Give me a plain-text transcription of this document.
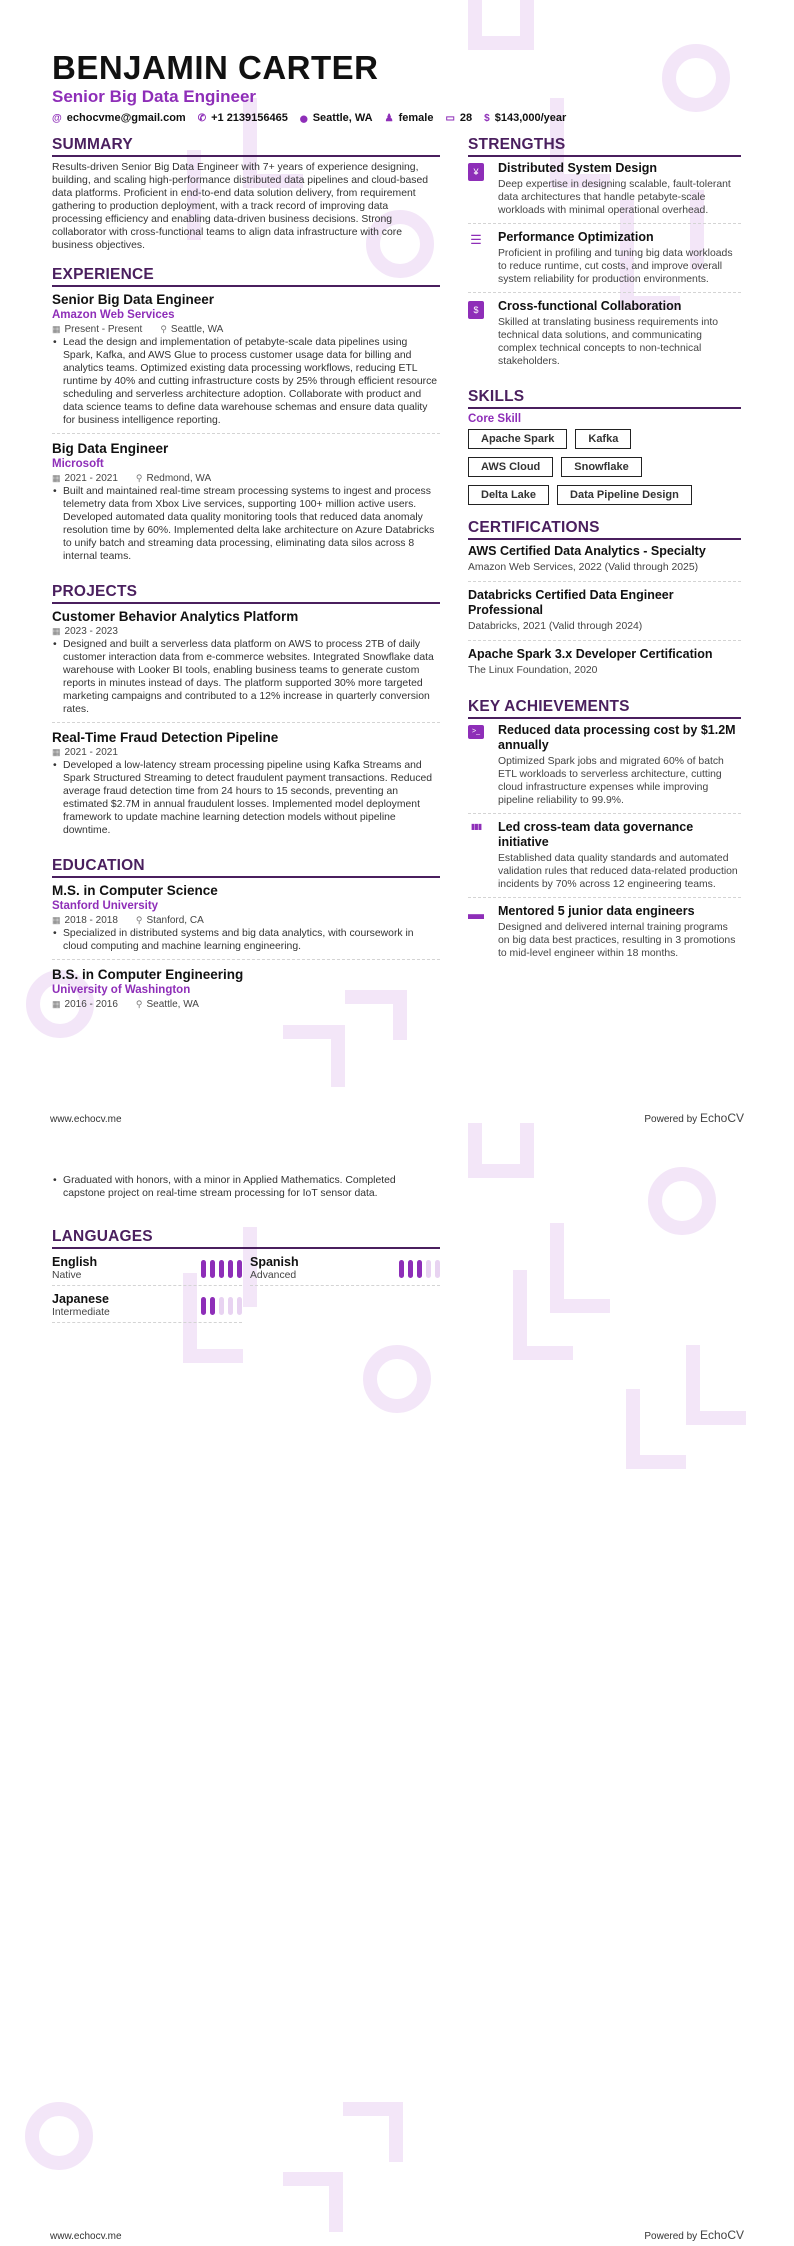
BENJAMIN CARTER
Senior Big Data Engineer
@ echocvme@gmail.com ✆ +1 2139156465 ⬤ Seattle, WA ♟ female ▭ 28 $ $143,000/year
SUMMARY
Results-driven Senior Big Data Engineer with 7+ years of experience designing, building, and scaling high-performance distributed data pipelines and cloud-based data platforms. Proficient in end-to-end data solution delivery, from requirement gathering to production deployment, with a track record of improving data processing efficiency and enabling data-driven business decisions. Strong collaborator with cross-functional teams to align data infrastructure with core business objectives.
EXPERIENCE
Senior Big Data Engineer
Amazon Web Services
▦ Present - Present ⚲ Seattle, WA
• Lead the design and implementation of petabyte-scale data pipelines using Spark, Kafka, and AWS Glue to process customer usage data for billing and analytics teams. Optimized existing data processing workflows, reducing ETL runtime by 40% and cutting infrastructure costs by 25% through efficient resource scheduling and serverless architecture adoption. Collaborate with product and data science teams to define data warehouse schemas and ensure data quality for business intelligence reporting.
Big Data Engineer
Microsoft
▦ 2021 - 2021 ⚲ Redmond, WA
• Built and maintained real-time stream processing systems to ingest and process telemetry data from Xbox Live services, supporting 100+ million active users. Developed automated data quality monitoring tools that reduced data anomaly resolution time by 60%. Implemented delta lake architecture on Azure Databricks to unify batch and streaming data processing, eliminating data silos across 8 internal teams.
PROJECTS
Customer Behavior Analytics Platform
▦ 2023 - 2023
• Designed and built a serverless data platform on AWS to process 2TB of daily customer interaction data from e-commerce websites. Integrated Snowflake data warehouse with Looker BI tools, enabling business teams to generate custom reports in minutes instead of days. The platform supported 30% more targeted marketing campaigns and contributed to a 12% increase in quarterly conversion rates.
Real-Time Fraud Detection Pipeline
▦ 2021 - 2021
• Developed a low-latency stream processing pipeline using Kafka Streams and Spark Structured Streaming to detect fraudulent payment transactions. Reduced average fraud detection time from 24 hours to 15 seconds, preventing an estimated $2.7M in annual fraudulent losses. Implemented model deployment framework to update machine learning detection models without pipeline downtime.
EDUCATION
M.S. in Computer Science
Stanford University
▦ 2018 - 2018 ⚲ Stanford, CA
• Specialized in distributed systems and big data analytics, with coursework in cloud computing and machine learning engineering.
B.S. in Computer Engineering
University of Washington
▦ 2016 - 2016 ⚲ Seattle, WA
STRENGTHS
¥	Distributed System Design
Deep expertise in designing scalable, fault-tolerant data architectures that handle petabyte-scale workloads with minimal operational overhead.
☰ Performance Optimization
Proficient in profiling and tuning big data workloads to reduce runtime, cut costs, and improve overall system reliability for production environments.
$	Cross-functional Collaboration
Skilled at translating business requirements into technical data solutions, and communicating complex technical concepts to non-technical stakeholders.
SKILLS
Core Skill
Apache Spark	Kafka
AWS Cloud	Snowflake
Delta Lake	Data Pipeline Design
CERTIFICATIONS
AWS Certified Data Analytics - Specialty
Amazon Web Services, 2022 (Valid through 2025)
Databricks Certified Data Engineer Professional
Databricks, 2021 (Valid through 2024)
Apache Spark 3.x Developer Certification
The Linux Foundation, 2020
KEY ACHIEVEMENTS
>_	Reduced data processing cost by $1.2M annually
Optimized Spark jobs and migrated 60% of batch ETL workloads to serverless architecture, cutting cloud infrastructure expenses while improving pipeline reliability to 99.9%.
▮▮▮ Led cross-team data governance initiative
Established data quality standards and automated validation rules that reduced data-related production incidents by 70% across 12 engineering teams.
▬ Mentored 5 junior data engineers
Designed and delivered internal training programs on big data best practices, resulting in 3 promotions to mid-level engineer within 18 months.
www.echocv.me	Powered by EchoCV
• Graduated with honors, with a minor in Applied Mathematics. Completed capstone project on real-time stream processing for IoT sensor data.
LANGUAGES
English
Native
Spanish
Advanced
Japanese
Intermediate
www.echocv.me	Powered by EchoCV
